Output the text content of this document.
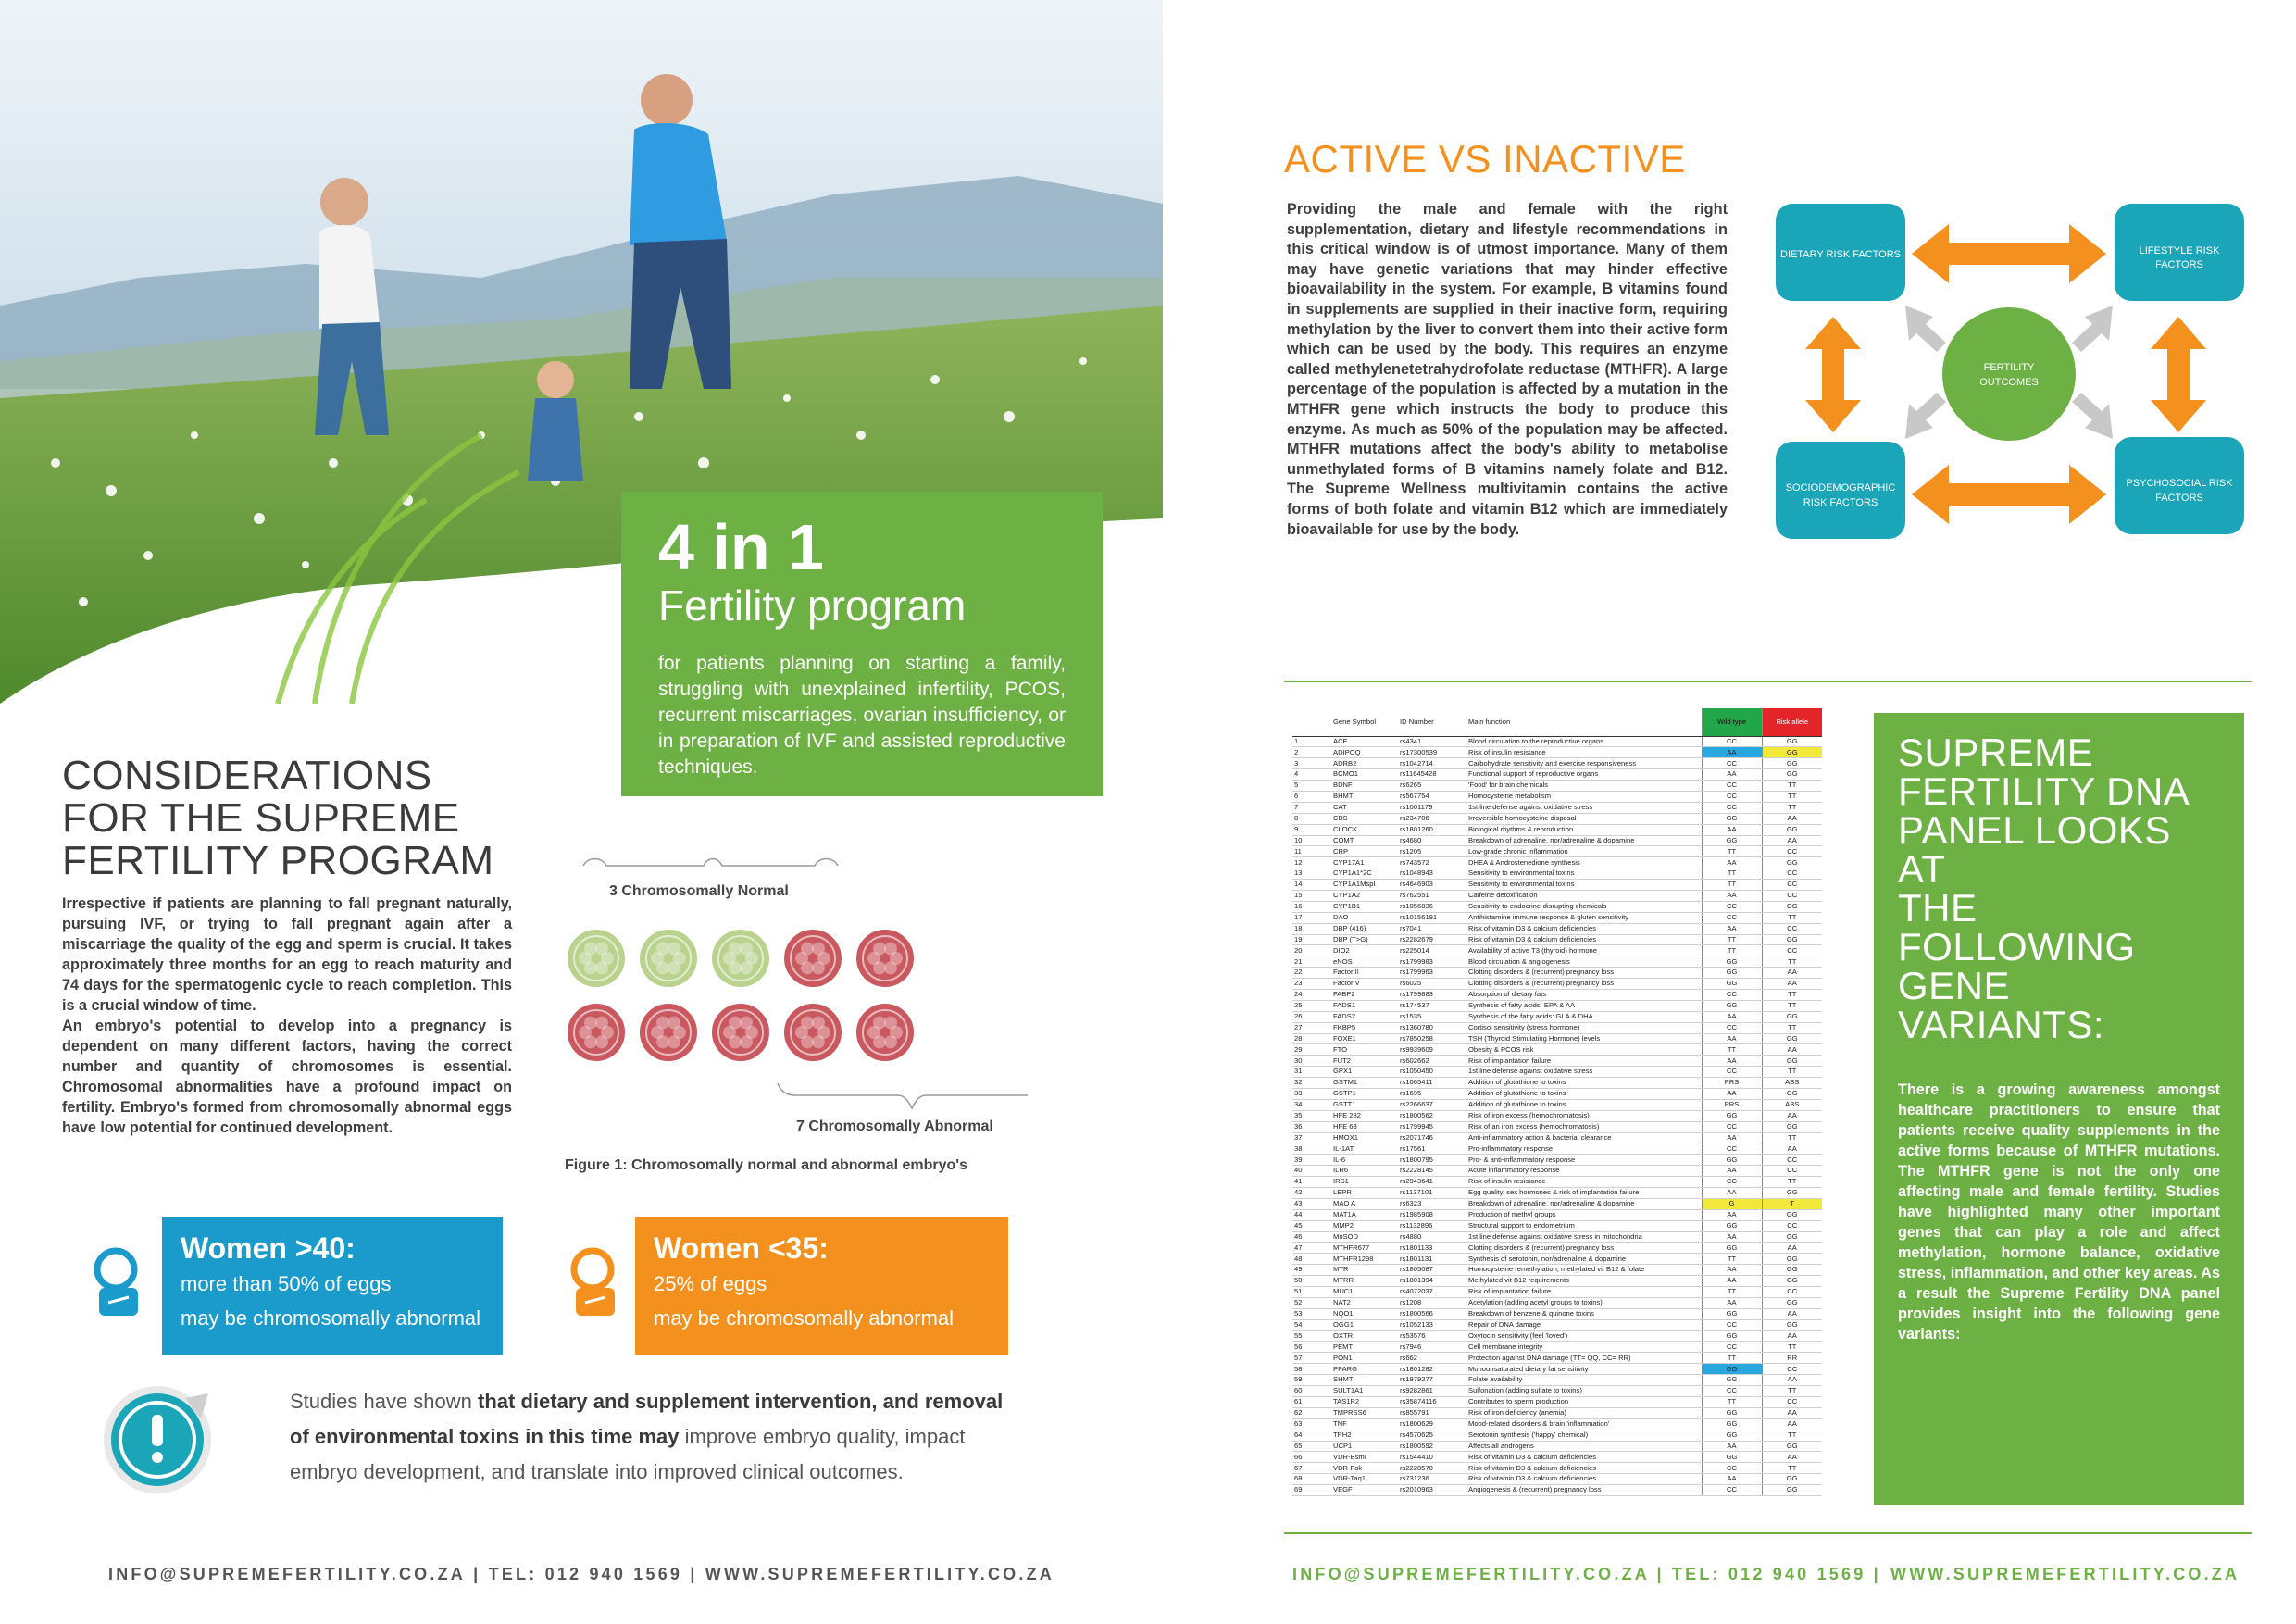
4 in 1
Fertility program
for patients planning on starting a family, struggling with unexplained infertility, PCOS, recurrent miscarriages, ovarian insufficiency, or in preparation of IVF and assisted reproductive techniques.
CONSIDERATIONS
FOR THE SUPREME
FERTILITY PROGRAM

Irrespective if patients are planning to fall pregnant naturally, pursuing IVF, or trying to fall pregnant again after a miscarriage the quality of the egg and sperm is crucial. It takes approximately three months for an egg to reach maturity and 74 days for the spermatogenic cycle to reach completion. This is a crucial window of time.

An embryo's potential to develop into a pregnancy is dependent on many different factors, having the correct number and quantity of chromosomes is essential. Chromosomal abnormalities have a profound impact on fertility. Embryo's formed from chromosomally abnormal eggs have low potential for continued development.

3 Chromosomally Normal
7 Chromosomally Abnormal
Figure 1: Chromosomally normal and abnormal embryo's
Women >40:
more than 50% of eggs
may be chromosomally abnormal
Women <35:
25% of eggs
may be chromosomally abnormal
Studies have shown that dietary and supplement intervention, and removal of environmental toxins in this time may improve embryo quality, impact embryo development, and translate into improved clinical outcomes.
INFO@SUPREMEFERTILITY.CO.ZA | TEL: 012 940 1569 | WWW.SUPREMEFERTILITY.CO.ZA
ACTIVE VS INACTIVE
Providing the male and female with the right supplementation, dietary and lifestyle recommendations in this critical window is of utmost importance. Many of them may have genetic variations that may hinder effective bioavailability in the system. For example, B vitamins found in supplements are supplied in their inactive form, requiring methylation by the liver to convert them into their active form which can be used by the body. This requires an enzyme called methylenetetrahydrofolate reductase (MTHFR). A large percentage of the population is affected by a mutation in the MTHFR gene which instructs the body to produce this enzyme. As much as 50% of the population may be affected. MTHFR mutations affect the body's ability to metabolise unmethylated forms of B vitamins namely folate and B12. The Supreme Wellness multivitamin contains the active forms of both folate and vitamin B12 which are immediately bioavailable for use by the body.
DIETARY RISK FACTORS	LIFESTYLE RISK
FACTORS
FERTILITY
OUTCOMES
SOCIODEMOGRAPHIC
RISK FACTORS
PSYCHOSOCIAL RISK
FACTORS
	Gene Symbol	ID Number	Main function	Wild type	Risk allele
1	ACE	rs4341	Blood circulation to the reproductive organs	CC	GG
2	ADIPOQ	rs17300539	Risk of insulin resistance	AA	GG
3	ADRB2	rs1042714	Carbohydrate sensitivity and exercise responsiveness	CC	GG
4	BCMO1	rs11645428	Functional support of reproductive organs	AA	GG
5	BDNF	rs6265	'Food' for brain chemicals	CC	TT
6	BHMT	rs567754	Homocysteine metabolism	CC	TT
7	CAT	rs1001179	1st line defense against oxidative stress	CC	TT
8	CBS	rs234706	Irreversible homocysteine disposal	GG	AA
9	CLOCK	rs1801260	Biological rhythms & reproduction	AA	GG
10	COMT	rs4680	Breakdown of adrenaline, nor/adrenaline & dopamine	GG	AA
11	CRP	rs1205	Low-grade chronic inflammation	TT	CC
12	CYP17A1	rs743572	DHEA & Androstenedione synthesis	AA	GG
13	CYP1A1*2C	rs1048943	Sensitivity to environmental toxins	TT	CC
14	CYP1A1Mspl	rs4646903	Sensitivity to environmental toxins	TT	CC
15	CYP1A2	rs762551	Caffeine detoxification	AA	CC
16	CYP1B1	rs1056836	Sensitivity to endocrine-disrupting chemicals	CC	GG
17	DAO	rs10156191	Antihistamine immune response & gluten sensitivity	CC	TT
18	DBP (416)	rs7041	Risk of vitamin D3 & calcium deficiencies	AA	CC
19	DBP (T>G)	rs2282679	Risk of vitamin D3 & calcium deficiencies	TT	GG
20	DIO2	rs225014	Availability of active T3 (thyroid) hormone	TT	CC
21	eNOS	rs1799983	Blood circulation & angiogenesis	GG	TT
22	Factor II	rs1799963	Clotting disorders & (recurrent) pregnancy loss	GG	AA
23	Factor V	rs6025	Clotting disorders & (recurrent) pregnancy loss	GG	AA
24	FABP2	rs1799883	Absorption of dietary fats	CC	TT
25	FADS1	rs174537	Synthesis of fatty acids: EPA & AA	GG	TT
26	FADS2	rs1535	Synthesis of the fatty acids: GLA & DHA	AA	GG
27	FKBP5	rs1360780	Cortisol sensitivity (stress hormone)	CC	TT
28	FOXE1	rs7850258	TSH (Thyroid Stimulating Hormone) levels	AA	GG
29	FTO	rs9939609	Obesity & PCOS risk	TT	AA
30	FUT2	rs602662	Risk of implantation failure	AA	GG
31	GPX1	rs1050450	1st line defense against oxidative stress	CC	TT
32	GSTM1	rs1065411	Addition of glutathione to toxins	PRS	ABS
33	GSTP1	rs1695	Addition of glutathione to toxins	AA	GG
34	GSTT1	rs2266637	Addition of glutathione to toxins	PRS	ABS
35	HFE 282	rs1800562	Risk of iron excess (hemochromatosis)	GG	AA
36	HFE 63	rs1799945	Risk of an iron excess (hemochromatosis)	CC	GG
37	HMOX1	rs2071746	Anti-inflammatory action & bacterial clearance	AA	TT
38	IL-1AT	rs17561	Pro-inflammatory response	CC	AA
39	IL-6	rs1800795	Pro- & anti-inflammatory response	GG	CC
40	ILR6	rs2228145	Acute inflammatory response	AA	CC
41	IRS1	rs2943641	Risk of insulin resistance	CC	TT
42	LEPR	rs1137101	Egg quality, sex hormones & risk of implantation failure	AA	GG
43	MAO A	rs6323	Breakdown of adrenaline, nor/adrenaline & dopamine	G	T
44	MAT1A	rs1985908	Production of methyl groups	AA	GG
45	MMP2	rs1132896	Structural support to endometrium	GG	CC
46	MnSOD	rs4880	1st line defense against oxidative stress in mitochondria	AA	GG
47	MTHFR677	rs1801133	Clotting disorders & (recurrent) pregnancy loss	GG	AA
48	MTHFR1298	rs1801131	Synthesis of serotonin, nor/adrenaline & dopamine	TT	GG
49	MTR	rs1805087	Homocysteine remethylation, methylated vit B12 & folate	AA	GG
50	MTRR	rs1801394	Methylated vit B12 requirements	AA	GG
51	MUC1	rs4072037	Risk of implantation failure	TT	CC
52	NAT2	rs1208	Acetylation (adding acetyl groups to toxins)	AA	GG
53	NQO1	rs1800566	Breakdown of benzene & quinone toxins	GG	AA
54	OGG1	rs1052133	Repair of DNA damage	CC	GG
55	OXTR	rs53576	Oxytocin sensitivity (feel 'loved')	GG	AA
56	PEMT	rs7946	Cell membrane integrity	CC	TT
57	PON1	rs662	Protection against DNA damage (TT= QQ, CC= RR)	TT	RR
58	PPARG	rs1801282	Monounsaturated dietary fat sensitivity	GG	CC
59	SHMT	rs1979277	Folate availability	GG	AA
60	SULT1A1	rs9282861	Sulfonation (adding sulfate to toxins)	CC	TT
61	TAS1R2	rs35874116	Contributes to sperm production	TT	CC
62	TMPRSS6	rs855791	Risk of iron deficiency (anemia)	GG	AA
63	TNF	rs1800629	Mood-related disorders & brain 'inflammation'	GG	AA
64	TPH2	rs4570625	Serotonin synthesis ('happy' chemical)	GG	TT
65	UCP1	rs1800592	Affects all androgens	AA	GG
66	VDR-BsmI	rs1544410	Risk of vitamin D3 & calcium deficiencies	GG	AA
67	VDR-Fok	rs2228570	Risk of vitamin D3 & calcium deficiencies	CC	TT
68	VDR-Taq1	rs731236	Risk of vitamin D3 & calcium deficiencies	AA	GG
69	VEGF	rs2010963	Angiogenesis & (recurrent) pregnancy loss	CC	GG
SUPREME
FERTILITY DNA
PANEL LOOKS AT
THE FOLLOWING
GENE VARIANTS:
There is a growing awareness amongst healthcare practitioners to ensure that patients receive quality supplements in the active forms because of MTHFR mutations. The MTHFR gene is not the only one affecting male and female fertility. Studies have highlighted many other important genes that can play a role and affect methylation, hormone balance, oxidative stress, inflammation, and other key areas. As a result the Supreme Fertility DNA panel provides insight into the following gene variants:
INFO@SUPREMEFERTILITY.CO.ZA | TEL: 012 940 1569 | WWW.SUPREMEFERTILITY.CO.ZA
